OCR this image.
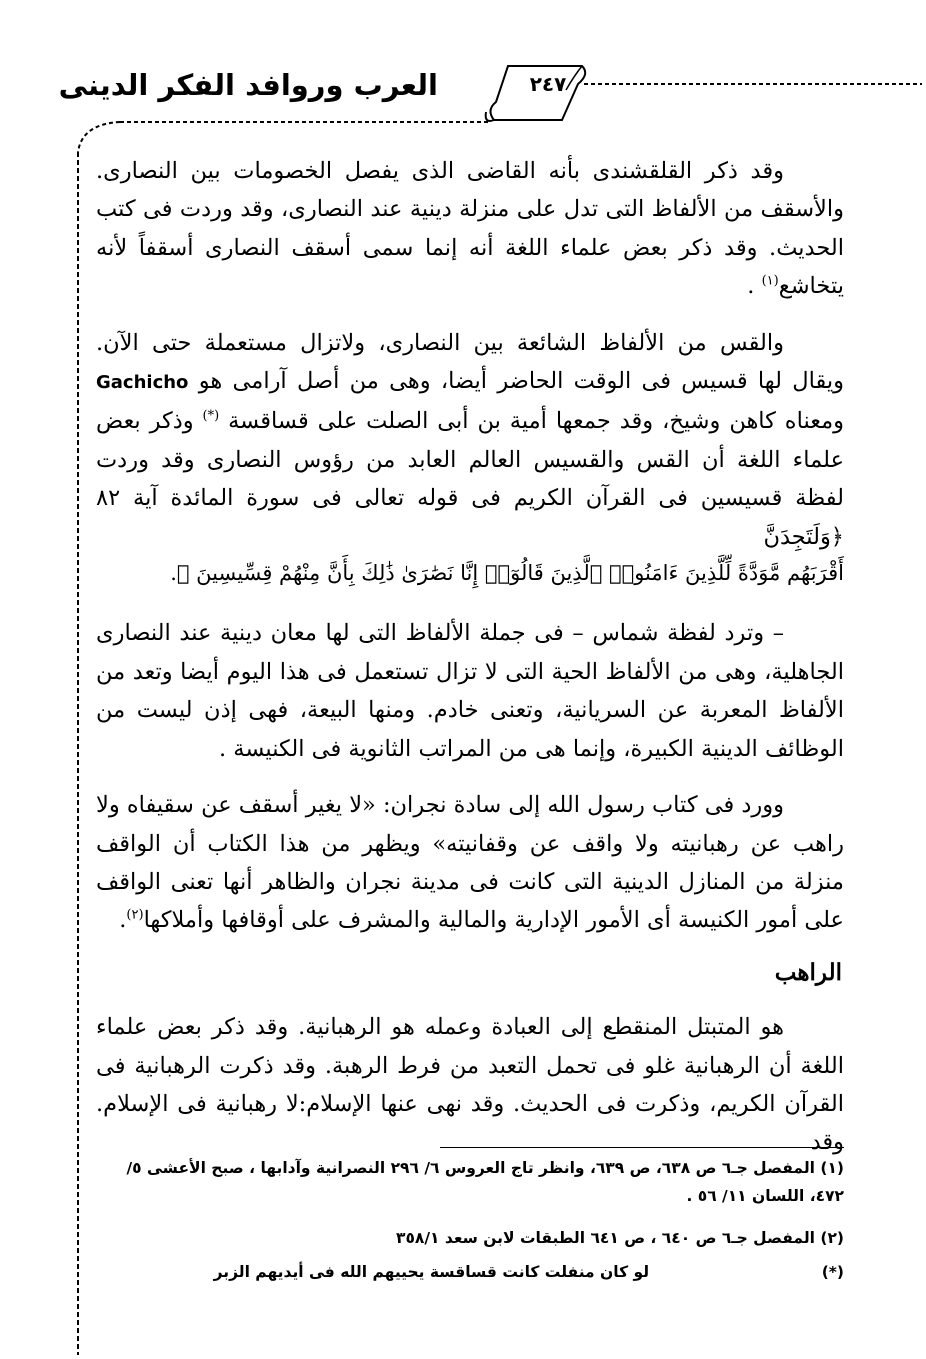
العرب وروافد الفكر الدينى	٢٤٧

وقد ذكر القلقشندى بأنه القاضى الذى يفصل الخصومات بين النصارى. والأسقف من الألفاظ التى تدل على منزلة دينية عند النصارى، وقد وردت فى كتب الحديث. وقد ذكر بعض علماء اللغة أنه إنما سمى أسقف النصارى أسقفاً لأنه يتخاشع$^{(١)}$ .

والقس من الألفاظ الشائعة بين النصارى، ولاتزال مستعملة حتى الآن. ويقال لها قسيس فى الوقت الحاضر أيضا، وهى من أصل آرامى هو Gachicho ومعناه كاهن وشيخ، وقد جمعها أمية بن أبى الصلت على قساقسة (*) وذكر بعض علماء اللغة أن القس والقسيس العالم العابد من رؤوس النصارى وقد وردت لفظة قسيسين فى القرآن الكريم فى قوله تعالى فى سورة المائدة آية ٨٢ ﴿وَلَتَجِدَنَّ

أَقْرَبَهُم مَّوَدَّةً لِّلَّذِينَ ءَامَنُوا۟ ٱلَّذِينَ قَالُوٓا۟ إِنَّا نَصَٰرَىٰ ذَٰلِكَ بِأَنَّ مِنْهُمْ قِسِّيسِينَ ﴾.

– وترد لفظة شماس – فى جملة الألفاظ التى لها معان دينية عند النصارى الجاهلية، وهى من الألفاظ الحية التى لا تزال تستعمل فى هذا اليوم أيضا وتعد من الألفاظ المعربة عن السريانية، وتعنى خادم. ومنها البيعة، فهى إذن ليست من الوظائف الدينية الكبيرة، وإنما هى من المراتب الثانوية فى الكنيسة .

وورد فى كتاب رسول الله إلى سادة نجران: «لا يغير أسقف عن سقيفاه ولا راهب عن رهبانيته ولا واقف عن وقفانيته» ويظهر من هذا الكتاب أن الواقف منزلة من المنازل الدينية التى كانت فى مدينة نجران والظاهر أنها تعنى الواقف على أمور الكنيسة أى الأمور الإدارية والمالية والمشرف على أوقافها وأملاكها$^{(٢)}$.

الراهب

هو المتبتل المنقطع إلى العبادة وعمله هو الرهبانية. وقد ذكر بعض علماء اللغة أن الرهبانية غلو فى تحمل التعبد من فرط الرهبة. وقد ذكرت الرهبانية فى القرآن الكريم، وذكرت فى الحديث. وقد نهى عنها الإسلام:لا رهبانية فى الإسلام. وقد

(١) المفصل جـ٦ ص ٦٣٨، ص ٦٣٩، وانظر تاج العروس ٦/ ٢٩٦ النصرانية وآدابها ، صبح الأعشى ٥/ ٤٧٢، اللسان ١١/ ٥٦ .

(٢) المفصل جـ٦ ص ٦٤٠ ، ص ٦٤١ الطبقات لابن سعد ٣٥٨/١

(*)                                لو كان منفلت كانت قساقسة يحييهم الله فى أيديهم الزبر
